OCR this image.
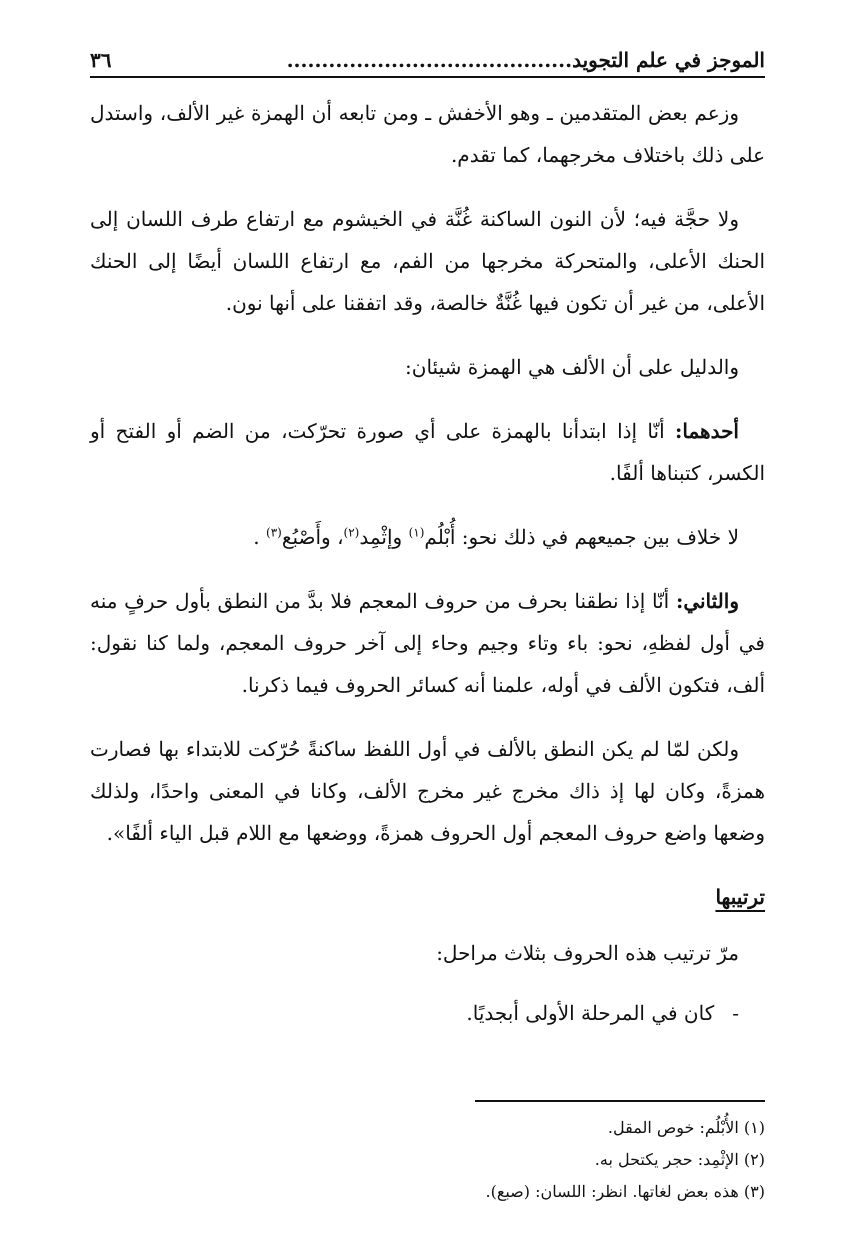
الموجز في علم التجويد.........................................
٣٦

وزعم بعض المتقدمين ـ وهو الأخفش ـ ومن تابعه أن الهمزة غير الألف، واستدل على ذلك باختلاف مخرجهما، كما تقدم.

ولا حجَّة فيه؛ لأن النون الساكنة غُنَّة في الخيشوم مع ارتفاع طرف اللسان إلى الحنك الأعلى، والمتحركة مخرجها من الفم، مع ارتفاع اللسان أيضًا إلى الحنك الأعلى، من غير أن تكون فيها غُنَّةٌ خالصة، وقد اتفقنا على أنها نون.

والدليل على أن الألف هي الهمزة شيئان:

أحدهما: أنّا إذا ابتدأنا بالهمزة على أي صورة تحرّكت، من الضم أو الفتح أو الكسر، كتبناها ألفًا.

لا خلاف بين جميعهم في ذلك نحو: أُبْلُم$^{(١)}$ وإثْمِد$^{(٢)}$، وأَصْبُع$^{(٣)}$ .

والثاني: أنّا إذا نطقنا بحرف من حروف المعجم فلا بدَّ من النطق بأول حرفٍ منه في أول لفظهِ، نحو: باء وتاء وجيم وحاء إلى آخر حروف المعجم، ولما كنا نقول: ألف، فتكون الألف في أوله، علمنا أنه كسائر الحروف فيما ذكرنا.

ولكن لمّا لم يكن النطق بالألف في أول اللفظ ساكنةً حُرّكت للابتداء بها فصارت همزةً، وكان لها إذ ذاك مخرج غير مخرج الألف، وكانا في المعنى واحدًا، ولذلك وضعها واضع حروف المعجم أول الحروف همزةً، ووضعها مع اللام قبل الياء ألفًا».

ترتيبها

مرّ ترتيب هذه الحروف بثلاث مراحل:

-كان في المرحلة الأولى أبجديًا.

(١) الأُبْلُم: خوص المقل.
(٢) الإثْمِد: حجر يكتحل به.
(٣) هذه بعض لغاتها. انظر: اللسان: (صبع).
